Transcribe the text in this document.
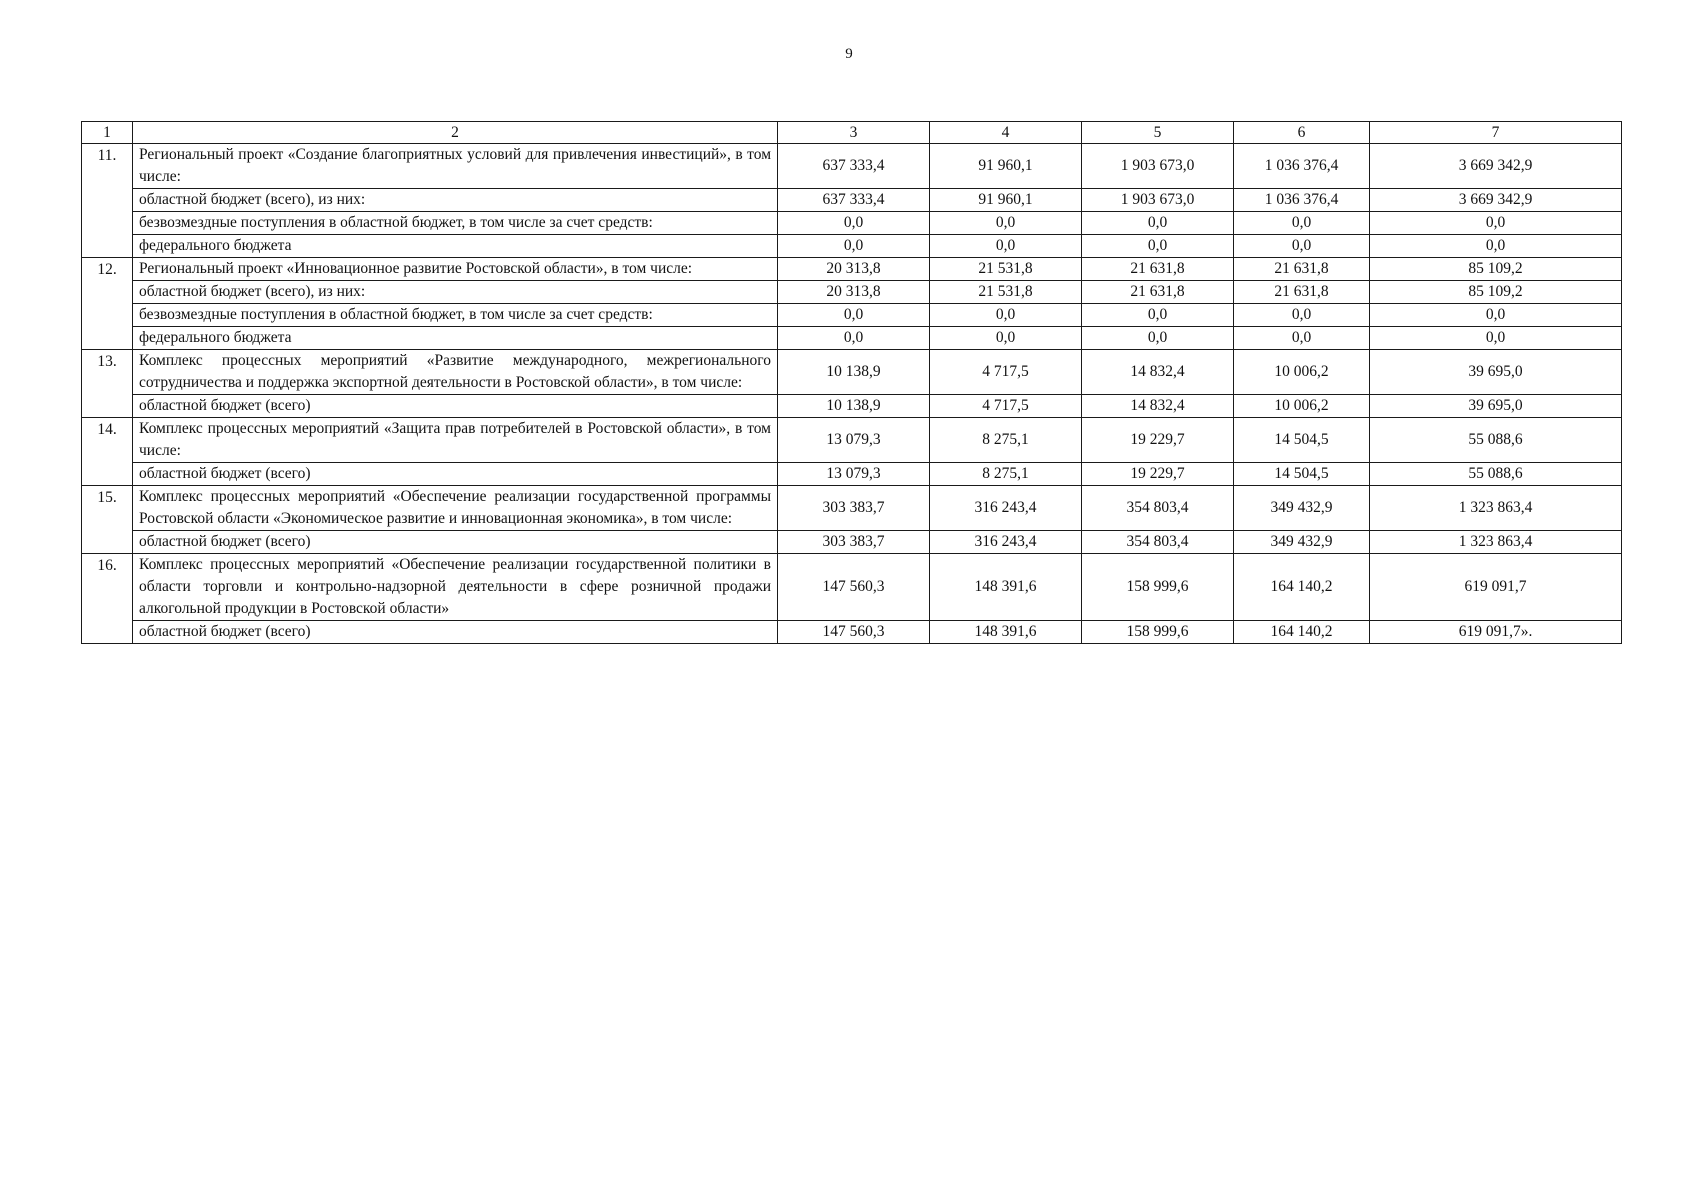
9
1	2	3	4	5	6	7
11.	Региональный проект «Создание благоприятных условий для привлечения инвестиций», в том числе:	637 333,4	91 960,1	1 903 673,0	1 036 376,4	3 669 342,9
	областной бюджет (всего), из них:	637 333,4	91 960,1	1 903 673,0	1 036 376,4	3 669 342,9
	безвозмездные поступления в областной бюджет, в том числе за счет средств:	0,0	0,0	0,0	0,0	0,0
	федерального бюджета	0,0	0,0	0,0	0,0	0,0
12.	Региональный проект «Инновационное развитие Ростовской области», в том числе:	20 313,8	21 531,8	21 631,8	21 631,8	85 109,2
	областной бюджет (всего), из них:	20 313,8	21 531,8	21 631,8	21 631,8	85 109,2
	безвозмездные поступления в областной бюджет, в том числе за счет средств:	0,0	0,0	0,0	0,0	0,0
	федерального бюджета	0,0	0,0	0,0	0,0	0,0
13.	Комплекс процессных мероприятий «Развитие международного, межрегионального сотрудничества и поддержка экспортной деятельности в Ростовской области», в том числе:	10 138,9	4 717,5	14 832,4	10 006,2	39 695,0
	областной бюджет (всего)	10 138,9	4 717,5	14 832,4	10 006,2	39 695,0
14.	Комплекс процессных мероприятий «Защита прав потребителей в Ростовской области», в том числе:	13 079,3	8 275,1	19 229,7	14 504,5	55 088,6
	областной бюджет (всего)	13 079,3	8 275,1	19 229,7	14 504,5	55 088,6
15.	Комплекс процессных мероприятий «Обеспечение реализации государственной программы Ростовской области «Экономическое развитие и инновационная экономика», в том числе:	303 383,7	316 243,4	354 803,4	349 432,9	1 323 863,4
	областной бюджет (всего)	303 383,7	316 243,4	354 803,4	349 432,9	1 323 863,4
16.	Комплекс процессных мероприятий «Обеспечение реализации государственной политики в области торговли и контрольно-надзорной деятельности в сфере розничной продажи алкогольной продукции в Ростовской области»	147 560,3	148 391,6	158 999,6	164 140,2	619 091,7
	областной бюджет (всего)	147 560,3	148 391,6	158 999,6	164 140,2	619 091,7».
